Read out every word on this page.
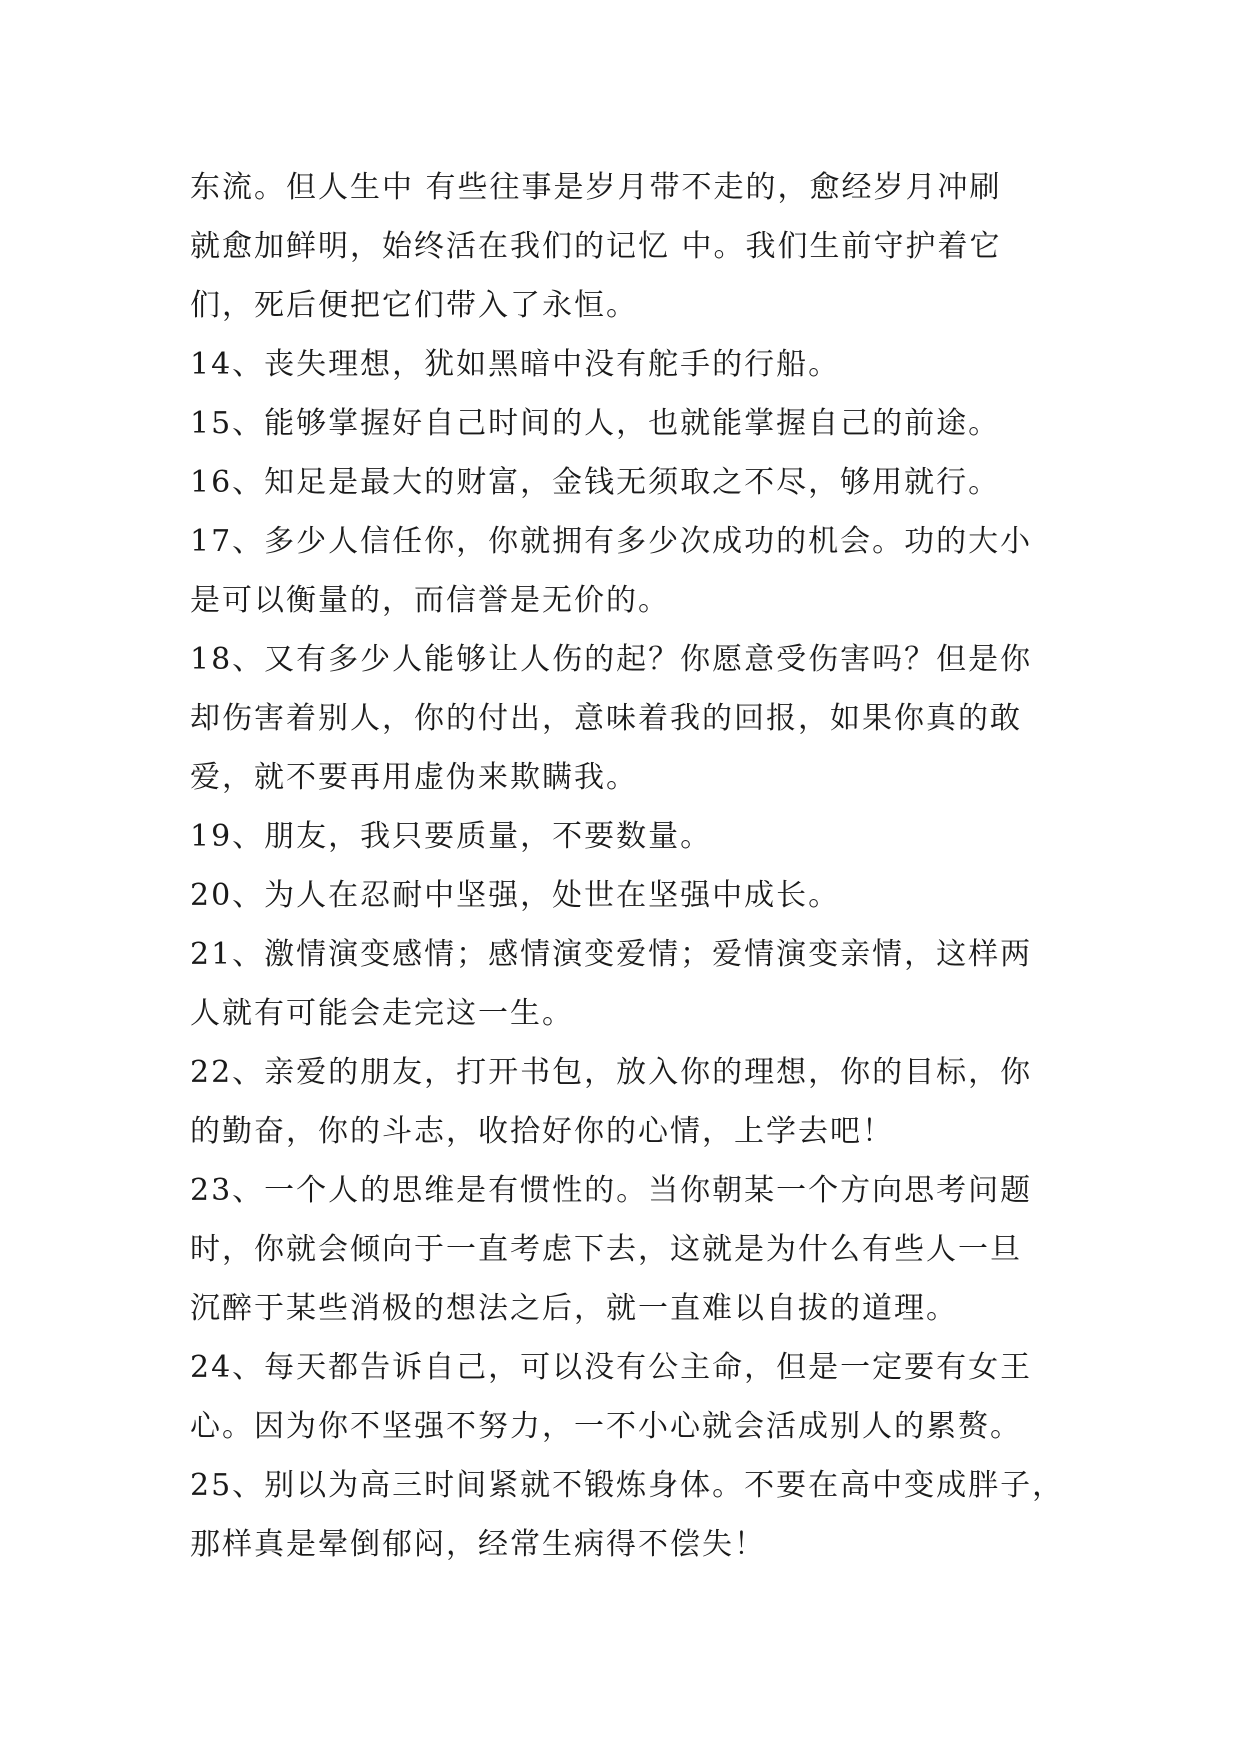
东流。但人生中 有些往事是岁月带不走的，愈经岁月冲刷
就愈加鲜明，始终活在我们的记忆 中。我们生前守护着它
们，死后便把它们带入了永恒。
14、丧失理想，犹如黑暗中没有舵手的行船。
15、能够掌握好自己时间的人，也就能掌握自己的前途。
16、知足是最大的财富，金钱无须取之不尽，够用就行。
17、多少人信任你，你就拥有多少次成功的机会。功的大小
是可以衡量的，而信誉是无价的。
18、又有多少人能够让人伤的起？你愿意受伤害吗？但是你
却伤害着别人，你的付出，意味着我的回报，如果你真的敢
爱，就不要再用虚伪来欺瞒我。
19、朋友，我只要质量，不要数量。
20、为人在忍耐中坚强，处世在坚强中成长。
21、激情演变感情；感情演变爱情；爱情演变亲情，这样两
人就有可能会走完这一生。
22、亲爱的朋友，打开书包，放入你的理想，你的目标，你
的勤奋，你的斗志，收拾好你的心情，上学去吧！
23、一个人的思维是有惯性的。当你朝某一个方向思考问题
时，你就会倾向于一直考虑下去，这就是为什么有些人一旦
沉醉于某些消极的想法之后，就一直难以自拔的道理。
24、每天都告诉自己，可以没有公主命，但是一定要有女王
心。因为你不坚强不努力，一不小心就会活成别人的累赘。
25、别以为高三时间紧就不锻炼身体。不要在高中变成胖子，
那样真是晕倒郁闷，经常生病得不偿失！
